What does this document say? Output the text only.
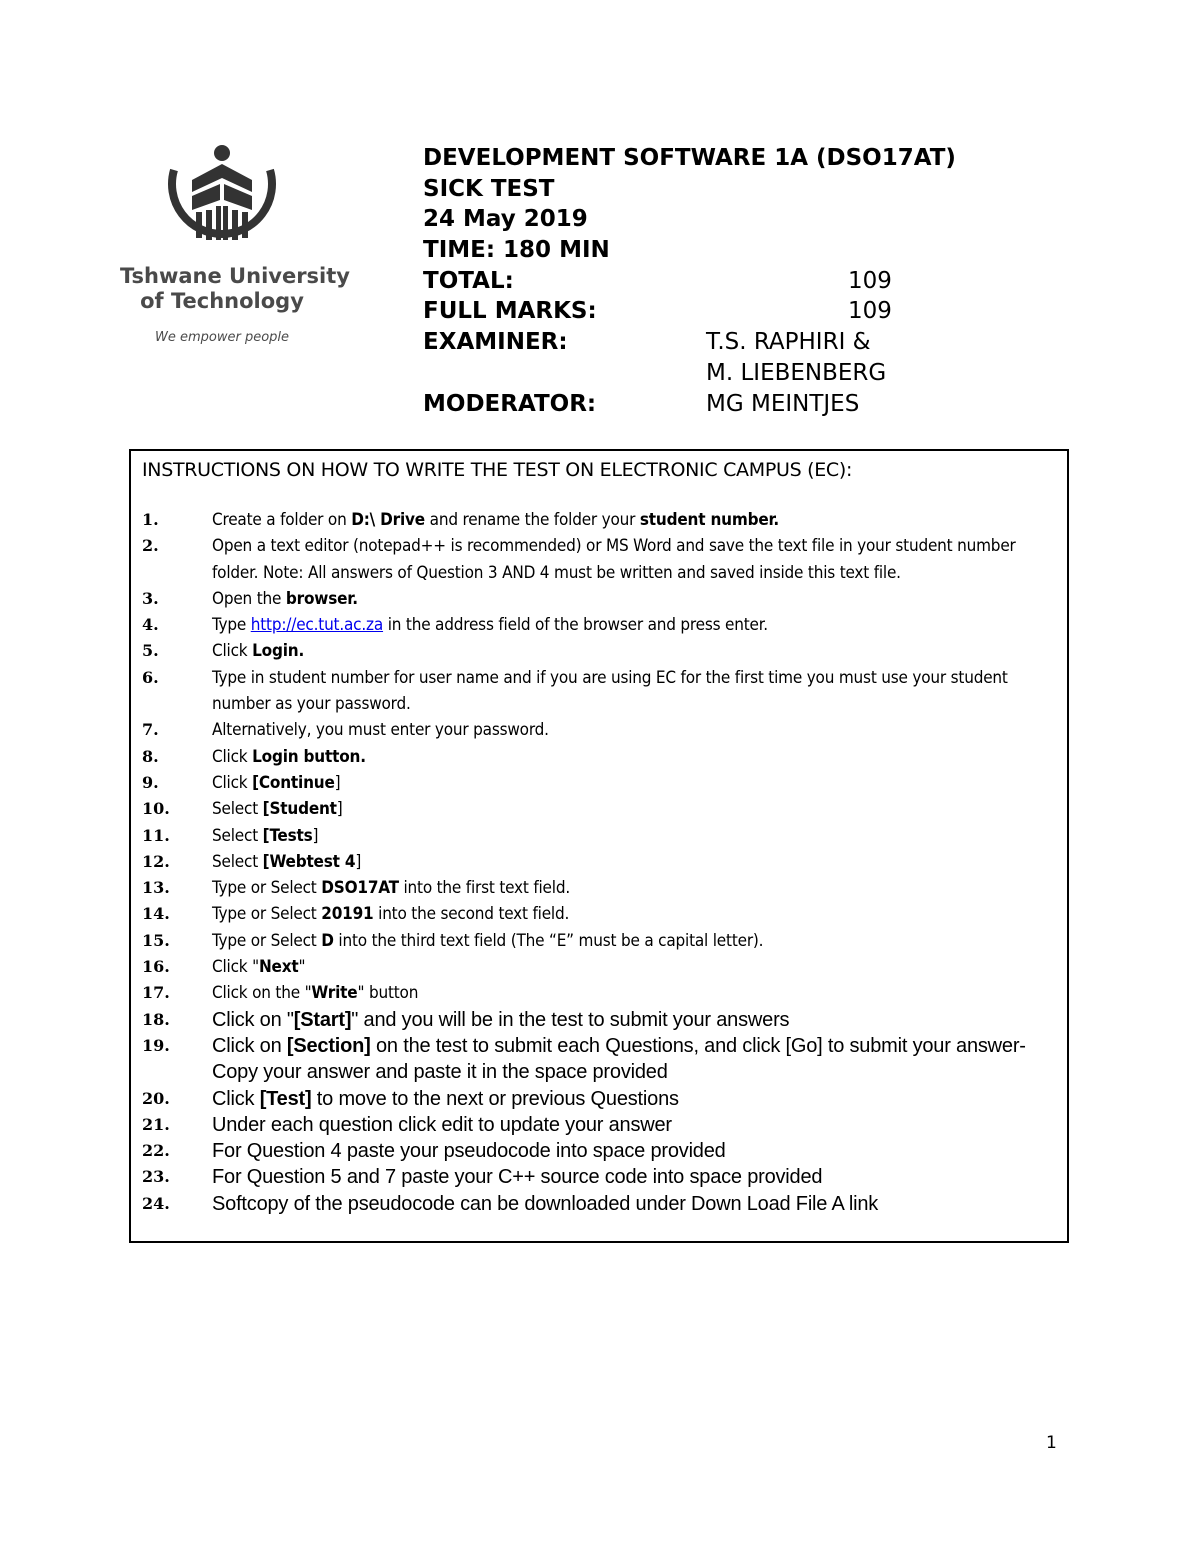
Tshwane University
of Technology
We empower people
DEVELOPMENT SOFTWARE 1A (DSO17AT)
SICK TEST
24 May 2019
TIME: 180 MIN
TOTAL:	109
FULL MARKS:	109
EXAMINER:	T.S. RAPHIRI &
M. LIEBENBERG
MODERATOR:	MG MEINTJES
INSTRUCTIONS ON HOW TO WRITE THE TEST ON ELECTRONIC CAMPUS (EC):
1.	Create a folder on D:\ Drive and rename the folder your student number.
2.	Open a text editor (notepad++ is recommended) or MS Word and save the text file in your student number folder. Note: All answers of Question 3 AND 4 must be written and saved inside this text file.
3.	Open the browser.
4.	Type http://ec.tut.ac.za in the address field of the browser and press enter.
5.	Click Login.
6.	Type in student number for user name and if you are using EC for the first time you must use your student number as your password.
7.	Alternatively, you must enter your password.
8.	Click Login button.
9.	Click [Continue]
10. Select [Student]
11. Select [Tests]
12. Select [Webtest 4]
13. Type or Select DSO17AT into the first text field.
14. Type or Select 20191 into the second text field.
15. Type or Select D into the third text field (The “E” must be a capital letter).
16. Click "Next"
17. Click on the "Write" button
18. Click on "[Start]" and you will be in the test to submit your answers
19. Click on [Section] on the test to submit each Questions, and click [Go] to submit your answer- Copy your answer and paste it in the space provided
20. Click [Test] to move to the next or previous Questions
21. Under each question click edit to update your answer
22. For Question 4 paste your pseudocode into space provided
23. For Question 5 and 7 paste your C++ source code into space provided
24. Softcopy of the pseudocode can be downloaded under Down Load File A link
1
